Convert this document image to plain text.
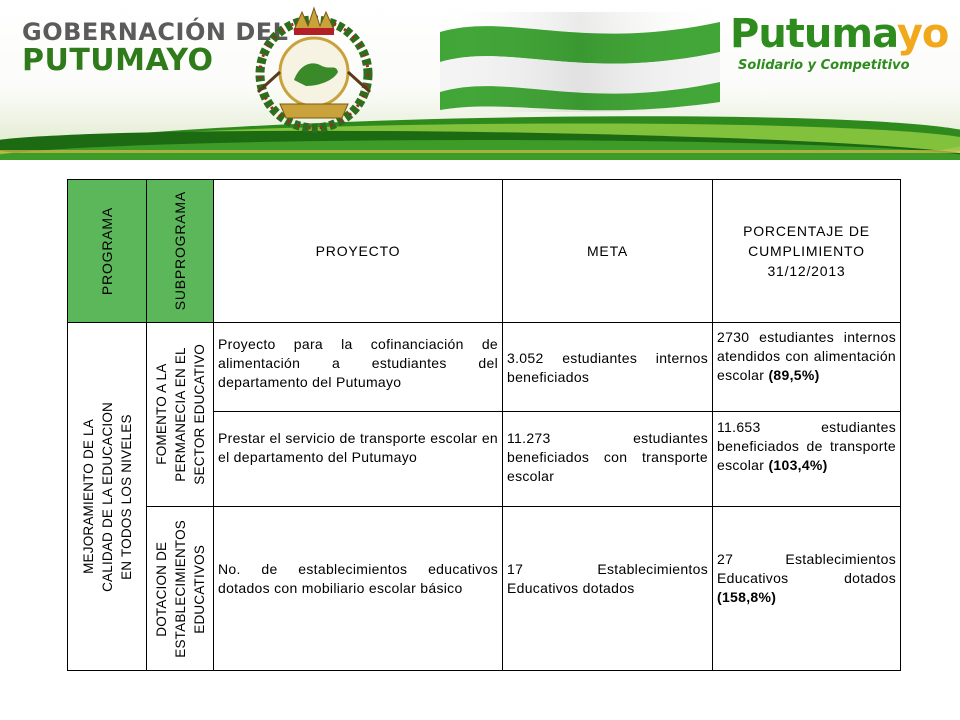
GOBERNACIÓN DEL
PUTUMAYO
Putumayo
Solidario y Competitivo
PROGRAMA	SUBPROGRAMA	PROYECTO	META	PORCENTAJE DE
CUMPLIMIENTO
31/12/2013

MEJORAMIENTO DE LA
CALIDAD DE LA EDUCACION
EN TODOS LOS NIVELES	FOMENTO A LA
PERMANECIA EN EL
SECTOR EDUCATIVO	Proyecto para la cofinanciación de alimentación a estudiantes del departamento del Putumayo	3.052 estudiantes internos beneficiados	2730 estudiantes internos atendidos con alimentación escolar (89,5%)

		Prestar el servicio de transporte escolar en el departamento del Putumayo	11.273 estudiantes beneficiados con transporte escolar	11.653 estudiantes beneficiados de transporte escolar (103,4%)

	DOTACION DE
ESTABLECIMIENTOS
EDUCATIVOS	No. de establecimientos educativos dotados con mobiliario escolar básico	17 Establecimientos Educativos dotados	27 Establecimientos Educativos dotados (158,8%)
